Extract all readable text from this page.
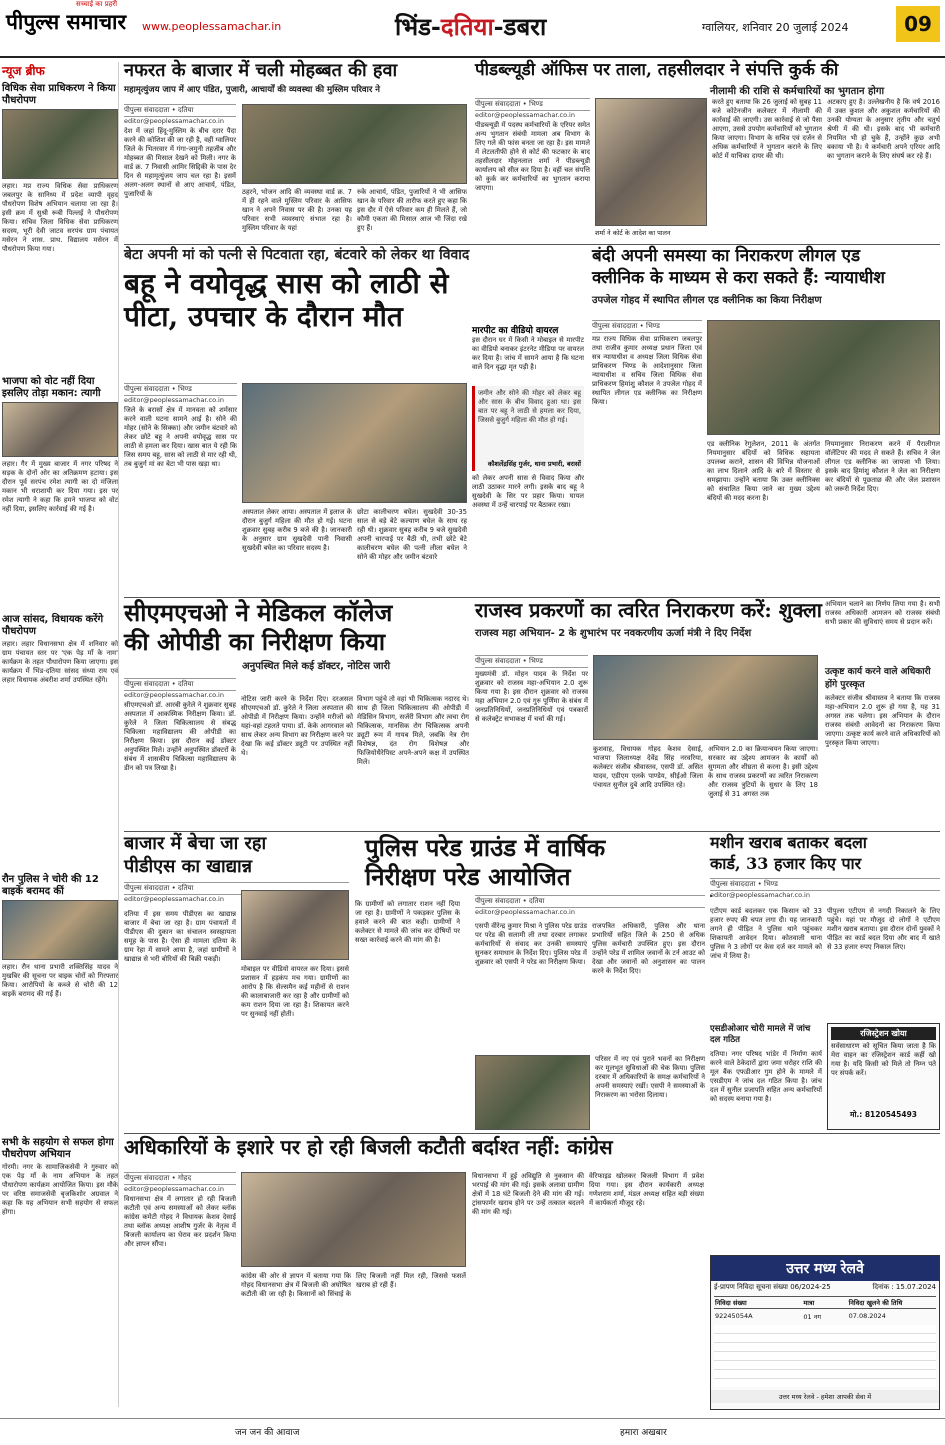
पीपुल्स समाचार
सच्चाई का प्रहरी
www.peoplessamachar.in	भिंड-दतिया-डबरा	ग्वालियर, शनिवार 20 जुलाई 2024	09
न्यूज ब्रीफ
विधिक सेवा प्राधिकरण ने किया पौधरोपण
लहार। मप्र राज्य विधिक सेवा प्राधिकरण जबलपुर के सानिध्य में प्रदेश व्यापी वृहद पौधरोपण विशेष अभियान चलाया जा रहा है। इसी क्रम में सुश्री रूबी पिल्लई ने पौधरोपण किया। सचिव जिला विधिक सेवा प्राधिकरण सदस्य, भूरी देवी जाटव सरपंच ग्राम पंचायत मसेरन ने शास. प्राथ. विद्यालय मसेरन में पौधरोपण किया गया।
भाजपा को वोट नहीं दिया इसलिए तोड़ा मकान: त्यागी
लहार। गैर में मुख्य बाजार में नगर परिषद ने सड़क के दोनों ओर का अतिक्रमण हटाया। इस दौरान पूर्व सरपंच रमेश त्यागी का दो मंजिला मकान भी धराशायी कर दिया गया। इस पर रमेश त्यागी ने कहा कि हमने भाजपा को वोट नहीं दिया, इसलिए कार्रवाई की गई है।
आज सांसद, विधायक करेंगे पौधरोपण
लहार। लहार विधानसभा क्षेत्र में शनिवार को ग्राम पंचायत स्तर पर 'एक पेड़ माँ के नाम' कार्यक्रम के तहत पौधारोपण किया जाएगा। इस कार्यक्रम में भिंड-दतिया सांसद संध्या राय एवं लहार विधायक अंबरीश शर्मा उपस्थित रहेंगे।
रौन पुलिस ने चोरी की 12 बाइकें बरामद कीं
लहार। रौन थाना प्रभारी शक्तिसिंह यादव ने मुखबिर की सूचना पर बाइक चोरों को गिरफ्तार किया। आरोपियों के कब्जे से चोरी की 12 बाइकें बरामद की गईं हैं।
सभी के सहयोग से सफल होगा पौधरोपण अभियान
गोरमी। नगर के सामाजिकसेवी ने गुरुवार को एक पेड़ माँ के नाम अभियान के तहत पौधारोपण कार्यक्रम आयोजित किया। इस मौके पर वरिष्ठ समाजसेवी बृजकिशोर अग्रवाल ने कहा कि यह अभियान सभी सहयोग से सफल होगा।
नफरत के बाजार में चली मोहब्बत की हवा
महामृत्युंजय जाप में आए पंडित, पुजारी, आचार्यों की व्यवस्था की मुस्लिम परिवार ने
पीपुल्स संवाददाता • दतिया
editor@peoplessamachar.co.in
देश में जहां हिंदू-मुस्लिम के बीच दरार पैदा करने की कोशिश की जा रही है, वहीं ग्वालियर जिले के भितरवार में गंगा-जमुनी तहजीब और मोहब्बत की मिसाल देखने को मिली। नगर के वार्ड क्र. 7 निवासी आमिर सिद्दिकी के पास देर दिन से महामृत्युंजय जाप चल रहा है। इसमें अलग-अलग स्थानों से आए आचार्य, पंडित, पुजारियों के	ठहरने, भोजन आदि की व्यवस्था वार्ड क्र. 7 में ही रहने वाले मुस्लिम परिवार के आसिफ खान ने अपने निवास पर की है। उनका यह परिवार सभी व्यवस्थाएं संभाल रहा है। मुस्लिम परिवार के यहां
रुके आचार्य, पंडित, पुजारियों ने भी आसिफ खान के परिवार की तारीफ करते हुए कहा कि इस दौर में ऐसे परिवार कम ही मिलते हैं, जो कौमी एकता की मिसाल आज भी जिंदा रखे हुए हैं।
पीडब्ल्यूडी ऑफिस पर ताला, तहसीलदार ने संपत्ति कुर्क की
नीलामी की राशि से कर्मचारियों का भुगतान होगा
पीपुल्स संवाददाता • भिण्ड
editor@peoplessamachar.co.in
पीडब्ल्यूडी में पदस्थ कर्मचारियों के एरियर समेत अन्य भुगतान संबंधी मामला अब विभाग के लिए गले की फांस बनता जा रहा है। इस मामले में लेटलतीफी होने से कोर्ट की फटकार के बाद तहसीलदार मोहनलाल शर्मा ने पीडब्ल्यूडी कार्यालय को सील कर दिया है। वहीं चल संपत्ति को कुर्क कर कर्मचारियों का भुगतान कराया जाएगा।
शर्मा ने कोर्ट के आदेश का पालन
करते हुए बताया कि 26 जुलाई को सुबह 11 बजे कोटेनजीन कलेक्टर में नीलामी की कार्रवाई की जाएगी। उस कार्रवाई से जो पैसा आएगा, उससे उपयोग कर्मचारियों को भुगतान किया जाएगा। विभाग के सचिव एवं दर्जन से अधिक कर्मचारियों ने भुगतान कराने के लिए कोर्ट में याचिका दायर की थी।
अटकाए हुए है। उल्लेखनीय है कि वर्ष 2016 में उक्त कुशल और अकुशल कर्मचारियों की उनकी योग्यता के अनुसार तृतीय और चतुर्थ श्रेणी में की थी। इसके बाद भी कर्मचारी नियमित भी हो चुके हैं, उन्होंने कुछ अभी बकाया भी है। ये कर्मचारी अपने एरियर आदि का भुगतान कराने के लिए संघर्ष कर रहे हैं।
बेटा अपनी मां को पत्नी से पिटवाता रहा, बंटवारे को लेकर था विवाद
बहू ने वयोवृद्ध सास को लाठी से
पीटा, उपचार के दौरान मौत
पीपुल्स संवाददाता • भिण्ड
editor@peoplessamachar.co.in
जिले के बरासों क्षेत्र में मानवता को शर्मसार करने वाली घटना सामने आई है। सोने की मोहर (सोने के सिक्का) और जमीन बंटवारे को लेकर छोटे बहू ने अपनी वयोवृद्ध सास पर लाठी से हमला कर दिया। खास बात ये रही कि जिस समय बहू, सास को लाठी से मार रही थी, तब बुजुर्ग मां का बेटा भी पास खड़ा था।
अस्पताल लेकर आया। अस्पताल में इलाज के दौरान बुजुर्ग महिला की मौत हो गई। घटना शुक्रवार सुबह करीब 9 बजे की है। जानकारी के अनुसार ग्राम सुखदेवी पानी निवासी सुखदेवी बघेल का परिवार सदस्य है।
छोटा कालीचरण बघेल। सुखदेवी 30-35 साल से बड़े बेटे कल्याण बघेल के साथ रह रही थी। शुक्रवार सुबह करीब 9 बजे सुखदेवी अपनी चारपाई पर बैठी थी, तभी छोटे बेटे कालीचरण बघेल की पत्नी लीला बघेल ने सोने की मोहर और जमीन बंटवारे
मारपीट का वीडियो वायरल
इस दौरान घर में किसी ने मोबाइल से मारपीट का वीडियो बनाकर इंटरनेट मीडिया पर वायरल कर दिया है। जांच में सामने आया है कि घटना वाले दिन वृद्धा मृत पड़ी है।
जमीन और सोने की मोहर को लेकर बहू और सास के बीच विवाद हुआ था। इस बात पर बहू ने लाठी से हमला कर दिया, जिससे बुजुर्ग महिला की मौत हो गई।
कौशलेंद्रसिंह गुर्जर, थाना प्रभारी, बरासों
को लेकर अपनी सास से विवाद किया और लाठी उठाकर मारने लगी। इसके बाद बहू ने सुखदेवी के सिर पर प्रहार किया। घायल अवस्था में उन्हें चारपाई पर बैठाकर रखा।
बंदी अपनी समस्या का निराकरण लीगल एड
क्लीनिक के माध्यम से करा सकते हैं: न्यायाधीश
उपजेल गोहद में स्थापित लीगल एड क्लीनिक का किया निरीक्षण
पीपुल्स संवाददाता • भिण्ड
मप्र राज्य विधिक सेवा प्राधिकरण जबलपुर तथा राजीव कुमार अध्यक्ष प्रधान जिला एवं सत्र न्यायाधीश व अध्यक्ष जिला विधिक सेवा प्राधिकरण भिण्ड के आदेशानुसार जिला न्यायाधीश व सचिव जिला विधिक सेवा प्राधिकरण हिमांशु कौशल ने उपजेल गोहद में स्थापित लीगल एड क्लीनिक का निरीक्षण किया।
एड क्लीनिक रेगुलेशन, 2011 के अंतर्गत नियमानुसार बंदियों को विधिक सहायता उपलब्ध कराने, शासन की विभिन्न योजनाओं का लाभ दिलाने आदि के बारे में विस्तार से समझाया। उन्होंने बताया कि उक्त क्लीनिक्स को संचालित किया जाने का मुख्य उद्देश्य बंदियों की मदद करना है।
नियमानुसार निराकरण करने में पैरालीगल वॉलेंटियर की मदद ले सकते हैं। सचिव ने जेल लीगल एड क्लीनिक का जायजा भी लिया। इसके बाद हिमांशु कौशल ने जेल का निरीक्षण कर बंदियों से पूछताछ की और जेल प्रशासन को जरूरी निर्देश दिए।
सीएमएचओ ने मेडिकल कॉलेज
की ओपीडी का निरीक्षण किया
अनुपस्थित मिले कई डॉक्टर, नोटिस जारी
पीपुल्स संवाददाता • दतिया
editor@peoplessamachar.co.in
सीएमएचओ डॉ. आरबी कुरेले ने शुक्रवार सुबह अस्पताल में आकस्मिक निरीक्षण किया। डॉ. कुरेले ने जिला चिकित्सालय से संबद्ध चिकित्सा महाविद्यालय की ओपीडी का निरीक्षण किया। इस दौरान कई डॉक्टर अनुपस्थित मिले। उन्होंने अनुपस्थित डॉक्टरों के संबंध में शासकीय चिकित्सा महाविद्यालय के डीन को पत्र लिखा है।
नोटिस जारी करने के निर्देश दिए। दरअसल सीएमएचओ डॉ. कुरेले ने जिला अस्पताल की ओपीडी में निरीक्षण किया। उन्होंने मरीजों को यहां-वहां टहलते पाया। डॉ. केके आगरवाल को साथ लेकर अन्य विभाग का निरीक्षण करने पर देखा कि कई डॉक्टर ड्यूटी पर उपस्थित नहीं थे।
विभाग पहुंचे तो वहां भी चिकित्सक नदारद थे। साथ ही जिला चिकित्सालय की ओपीडी में मेडिसिन विभाग, सर्जरी विभाग और त्वचा रोग चिकित्सक, मानसिक रोग चिकित्सक अपनी ड्यूटी रूम में गायब मिले, जबकि नेत्र रोग विशेषज्ञ, दंत रोग विशेषज्ञ और फिजियोथैरेपिस्ट अपने-अपने कक्ष में उपस्थित मिले।
राजस्व प्रकरणों का त्वरित निराकरण करें: शुक्ला
राजस्व महा अभियान- 2 के शुभारंभ पर नवकरणीय ऊर्जा मंत्री ने दिए निर्देश
पीपुल्स संवाददाता • भिण्ड
मुख्यमंत्री डॉ. मोहन यादव के निर्देश पर शुक्रवार को राजस्व महा-अभियान 2.0 शुरू किया गया है। इस दौरान शुक्रवार को राजस्व महा अभियान 2.0 एवं गुरु पूर्णिमा के संबंध में जनप्रतिनिधियों, जनप्रतिनिधियों एवं पत्रकारों से कलेक्ट्रेट सभाकक्ष में चर्चा की गई।
कुशवाह, विधायक गोहद केशव देसाई, भाजपा जिलाध्यक्ष देवेंद्र सिंह नरवरिया, कलेक्टर संजीव श्रीवास्तव, एसपी डॉ. असित यादव, एडीएम एलके पाण्डेय, सीईओ जिला पंचायत सुनील दुबे आदि उपस्थित रहे।
अभियान 2.0 का क्रियान्वयन किया जाएगा। सरकार का उद्देश्य आमजन के कार्यों को सुगमता और शीघ्रता से करना है। इसी उद्देश्य के साथ राजस्व प्रकरणों का त्वरित निराकरण और राजस्व त्रुटियों के सुधार के लिए 18 जुलाई से 31 अगस्त तक
अभियान चलाने का निर्णय लिया गया है। सभी राजस्व अधिकारी आमजन को राजस्व संबंधी सभी प्रकार की सुविधाएं समय से प्रदान करें।
उत्कृष्ट कार्य करने वाले अधिकारी होंगे पुरस्कृत
कलेक्टर संजीव श्रीवास्तव ने बताया कि राजस्व महा-अभियान 2.0 शुरू हो गया है, यह 31 अगस्त तक चलेगा। इस अभियान के दौरान राजस्व संबंधी आवेदनों का निराकरण किया जाएगा। उत्कृष्ट कार्य करने वाले अधिकारियों को पुरस्कृत किया जाएगा।
बाजार में बेचा जा रहा
पीडीएस का खाद्यान्न
पीपुल्स संवाददाता • दतिया
editor@peoplessamachar.co.in
दतिया में इस समय पीडीएस का खाद्यान्न बाजार में बेचा जा रहा है। ग्राम पंचायतों में पीडीएस की दुकान का संचालन स्वसहायता समूह के पास है। ऐसा ही मामला दतिया के ग्राम रेहा में सामने आया है, जहां ग्रामीणों ने खाद्यान्न से भरी बोरियों की बिक्री पकड़ी।
मोबाइल पर वीडियो वायरल कर दिया। इससे प्रशासन में हड़कंप मच गया। ग्रामीणों का आरोप है कि सेल्समैन कई महीनों से राशन की कालाबाजारी कर रहा है और ग्रामीणों को कम राशन दिया जा रहा है। शिकायत करने पर सुनवाई नहीं होती।
कि ग्रामीणों को लगातार राशन नहीं दिया जा रहा है। ग्रामीणों ने पकड़कर पुलिस के हवाले करने की बात कही। ग्रामीणों ने कलेक्टर से मामले की जांच कर दोषियों पर सख्त कार्रवाई करने की मांग की है।
पुलिस परेड ग्राउंड में वार्षिक
निरीक्षण परेड आयोजित
पीपुल्स संवाददाता • दतिया
editor@peoplessamachar.co.in
एसपी वीरेन्द्र कुमार मिश्रा ने पुलिस परेड ग्राउंड पर परेड की सलामी ली तथा दरबार लगाकर कर्मचारियों से संवाद कर उनकी समस्याएं सुनकर समाधान के निर्देश दिए। पुलिस परेड में शुक्रवार को एसपी ने परेड का निरीक्षण किया।
राजपत्रित अधिकारी, पुलिस और थाना प्रभारियों सहित जिले के 250 से अधिक पुलिस कर्मचारी उपस्थित हुए। इस दौरान उन्होंने परेड में शामिल जवानों के टर्न आउट को देखा और जवानों को अनुशासन का पालन करने के निर्देश दिए।
परिसर में नए एवं पुराने भवनों का निरीक्षण कर मूलभूत सुविधाओं की चेक किया। पुलिस दरबार में अधिकारियों के समक्ष कर्मचारियों ने अपनी समस्याएं रखीं। एसपी ने समस्याओं के निराकरण का भरोसा दिलाया।
मशीन खराब बताकर बदला
कार्ड, 33 हजार किए पार
पीपुल्स संवाददाता • भिण्ड
editor@peoplessamachar.co.in
एटीएम कार्ड बदलकर एक किसान को 33 हजार रुपए की चपत लगा दी। यह जानकारी लगने ही पीड़ित ने पुलिस थाने पहुंचकर शिकायती आवेदन दिया। कोतवाली थाना पुलिस ने 3 लोगों पर केस दर्ज कर मामले को जांच में लिया है।
पीपुल्स एटीएम से नगदी निकालने के लिए पहुंचे। यहां पर मौजूद दो लोगों ने एटीएम मशीन खराब बताया। इस दौरान दोनों युवकों ने पीड़ित का कार्ड बदल दिया और बाद में खाते से 33 हजार रुपए निकाल लिए।
एसडीओआर चोरी मामले में जांच दल गठित
दतिया। नगर परिषद भांडेर में निर्माण कार्य करने वाले ठेकेदारों द्वारा जमा धरोहर राशि की मूल बैंक एफडीआर गुम होने के मामले में एसडीएम ने जांच दल गठित किया है। जांच दल में सुनील प्रजापति सहित अन्य कर्मचारियों को सदस्य बनाया गया है।
रजिस्ट्रेशन खोया
सर्वसाधारण को सूचित किया जाता है कि मेरा वाहन का रजिस्ट्रेशन कार्ड कहीं खो गया है। यदि किसी को मिले तो निम्न पते पर संपर्क करें।
मो.: 8120545493
अधिकारियों के इशारे पर हो रही बिजली कटौती बर्दाश्त नहीं: कांग्रेस
पीपुल्स संवाददाता • गोहद
editor@peoplessamachar.co.in
विधानसभा क्षेत्र में लगातार हो रही बिजली कटौती एवं अन्य समस्याओं को लेकर ब्लॉक कांग्रेस कमेटी गोहद ने विधायक केशव देसाई तथा ब्लॉक अध्यक्ष आशीष गुर्जर के नेतृत्व में बिजली कार्यालय का घेराव कर प्रदर्शन किया और ज्ञापन सौंपा।
कांग्रेस की ओर से ज्ञापन में बताया गया कि गोहद विधानसभा क्षेत्र में बिजली की अघोषित कटौती की जा रही है। किसानों को सिंचाई के लिए बिजली नहीं मिल रही, जिससे फसलें खराब हो रही हैं।
विधानसभा में हुई अविद्युति से नुकसान की भरपाई की मांग की गई। इसके अलावा ग्रामीण क्षेत्रों में 18 घंटे बिजली देने की मांग की गई। ट्रांसफार्मर खराब होने पर उन्हें तत्काल बदलने की मांग की गई।
वेरिफाइड खोलकर बिजली विभाग में प्रवेश दिया गया। इस दौरान कार्यकारी अध्यक्ष गणेशराम शर्मा, मंडल अध्यक्ष सहित बड़ी संख्या में कार्यकर्ता मौजूद रहे।
उत्तर मध्य रेलवे
ई-प्रापण निविदा सूचना संख्या 06/2024-25	दिनांक : 15.07.2024
निविदा संख्या	मात्रा	निविदा खुलने की तिथि
92245054A	01 नग	07.08.2024
उत्तर मध्य रेलवे - हमेशा आपकी सेवा में
जन जन की आवाज	हमारा अखबार
